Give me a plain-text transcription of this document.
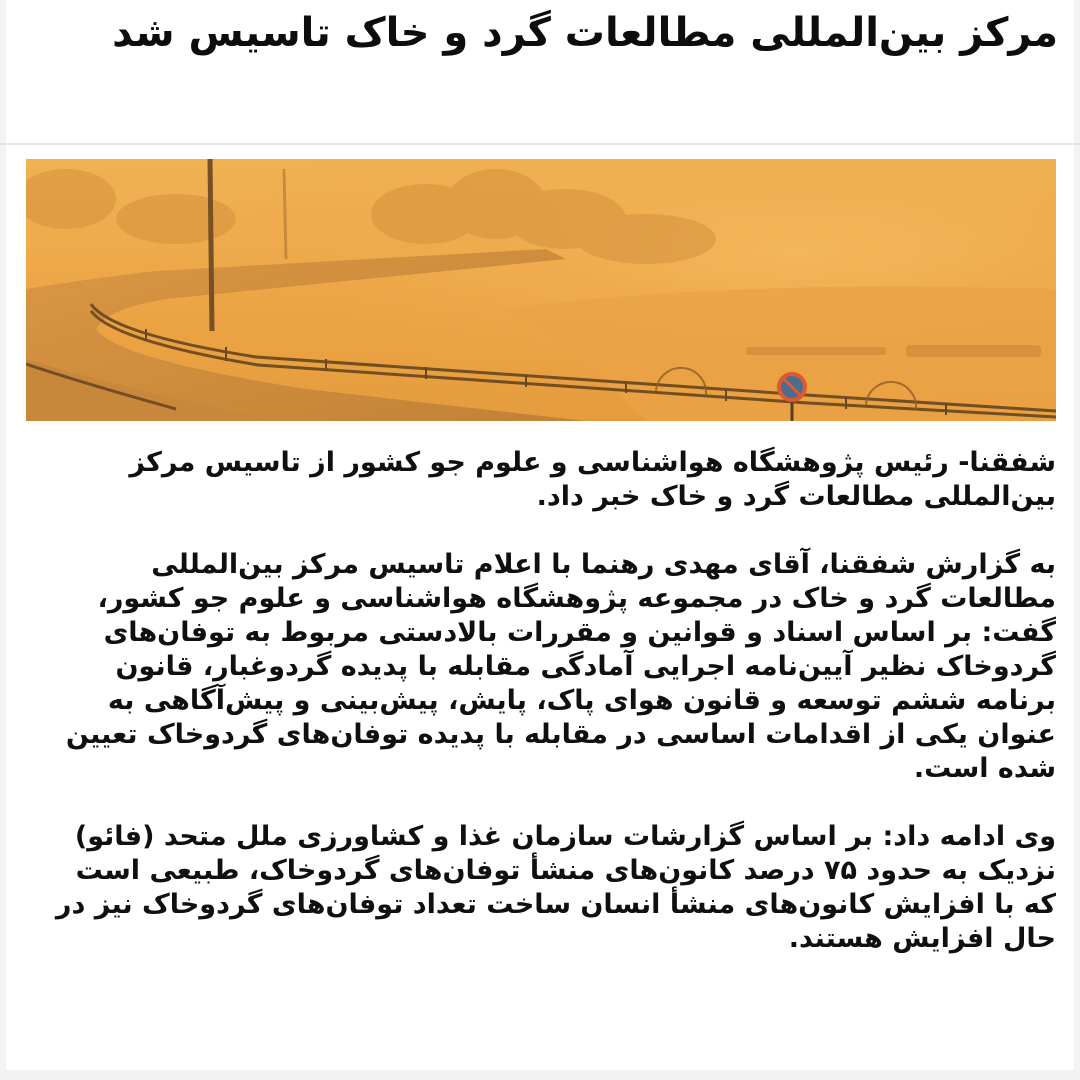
مرکز بین‌المللی مطالعات گرد و خاک تاسیس شد

شفقنا- رئیس پژوهشگاه هواشناسی و علوم جو کشور از تاسیس مرکز بین‌المللی مطالعات گرد و خاک خبر داد.

به گزارش شفقنا، آقای مهدی رهنما با اعلام تاسیس مرکز بین‌المللی مطالعات گرد و خاک در مجموعه پژوهشگاه هواشناسی و علوم جو کشور، گفت: بر اساس اسناد و قوانین و مقررات بالادستی مربوط به توفان‌های گردوخاک نظیر آیین‌نامه اجرایی آمادگی مقابله با پدیده گردوغبار، قانون برنامه ششم توسعه و قانون هوای پاک، پایش، پیش‌بینی و پیش‌آگاهی به عنوان یکی از اقدامات اساسی در مقابله با پدیده توفان‌های گردوخاک تعیین شده است.

وی ادامه داد: بر اساس گزارشات سازمان غذا و کشاورزی ملل متحد (فائو) نزدیک به حدود ۷۵ درصد کانون‌های منشأ توفان‌های گردوخاک، طبیعی است که با افزایش کانون‌های منشأ انسان ساخت تعداد توفان‌های گردوخاک نیز در حال افزایش هستند.
